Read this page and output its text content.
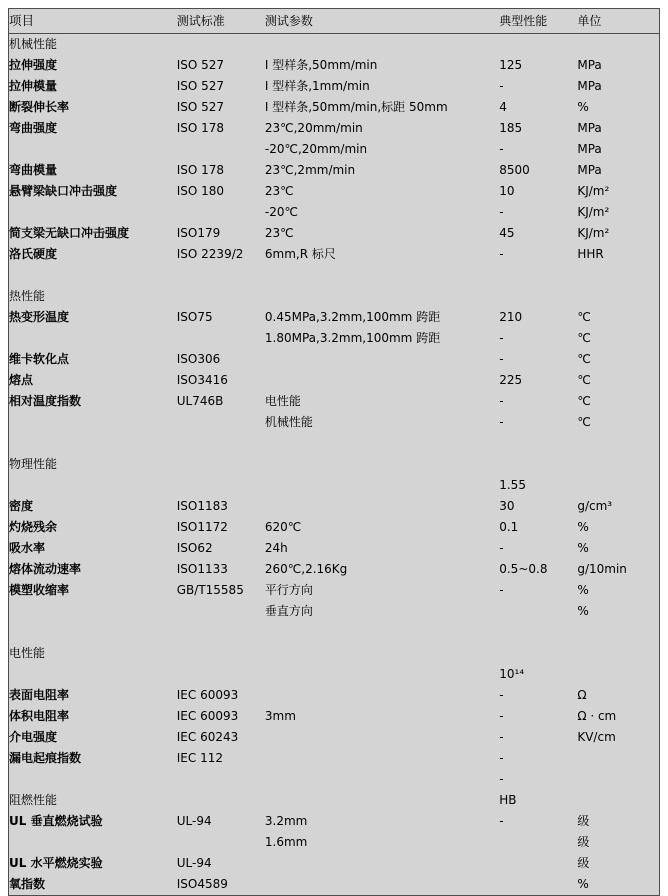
项目	测试标准	测试参数	典型性能	单位
机械性能				
拉伸强度	ISO 527	I 型样条,50mm/min	125	MPa
拉伸模量	ISO 527	I 型样条,1mm/min	-	MPa
断裂伸长率	ISO 527	I 型样条,50mm/min,标距 50mm	4	%
弯曲强度	ISO 178	23℃,20mm/min	185	MPa
		-20℃,20mm/min	-	MPa
弯曲模量	ISO 178	23℃,2mm/min	8500	MPa
悬臂梁缺口冲击强度	ISO 180	23℃	10	KJ/m²
		-20℃	-	KJ/m²
简支梁无缺口冲击强度	ISO179	23℃	45	KJ/m²
洛氏硬度	ISO 2239/2	6mm,R 标尺	-	HHR

热性能				
热变形温度	ISO75	0.45MPa,3.2mm,100mm 跨距	210	℃
		1.80MPa,3.2mm,100mm 跨距	-	℃
维卡软化点	ISO306		-	℃
熔点	ISO3416		225	℃
相对温度指数	UL746B	电性能	-	℃
		机械性能	-	℃

物理性能				
			1.55	
密度	ISO1183		30	g/cm³
灼烧残余	ISO1172	620℃	0.1	%
吸水率	ISO62	24h	-	%
熔体流动速率	ISO1133	260℃,2.16Kg	0.5~0.8	g/10min
模塑收缩率	GB/T15585	平行方向	-	%
		垂直方向		%

电性能				
			10¹⁴	
表面电阻率	IEC 60093		-	Ω
体积电阻率	IEC 60093	3mm	-	Ω · cm
介电强度	IEC 60243		-	KV/cm
漏电起痕指数	IEC 112		-	
			-	
阻燃性能			HB	
UL 垂直燃烧试验	UL-94	3.2mm	-	级
		1.6mm		级
UL 水平燃烧实验	UL-94			级
氧指数	ISO4589			%
